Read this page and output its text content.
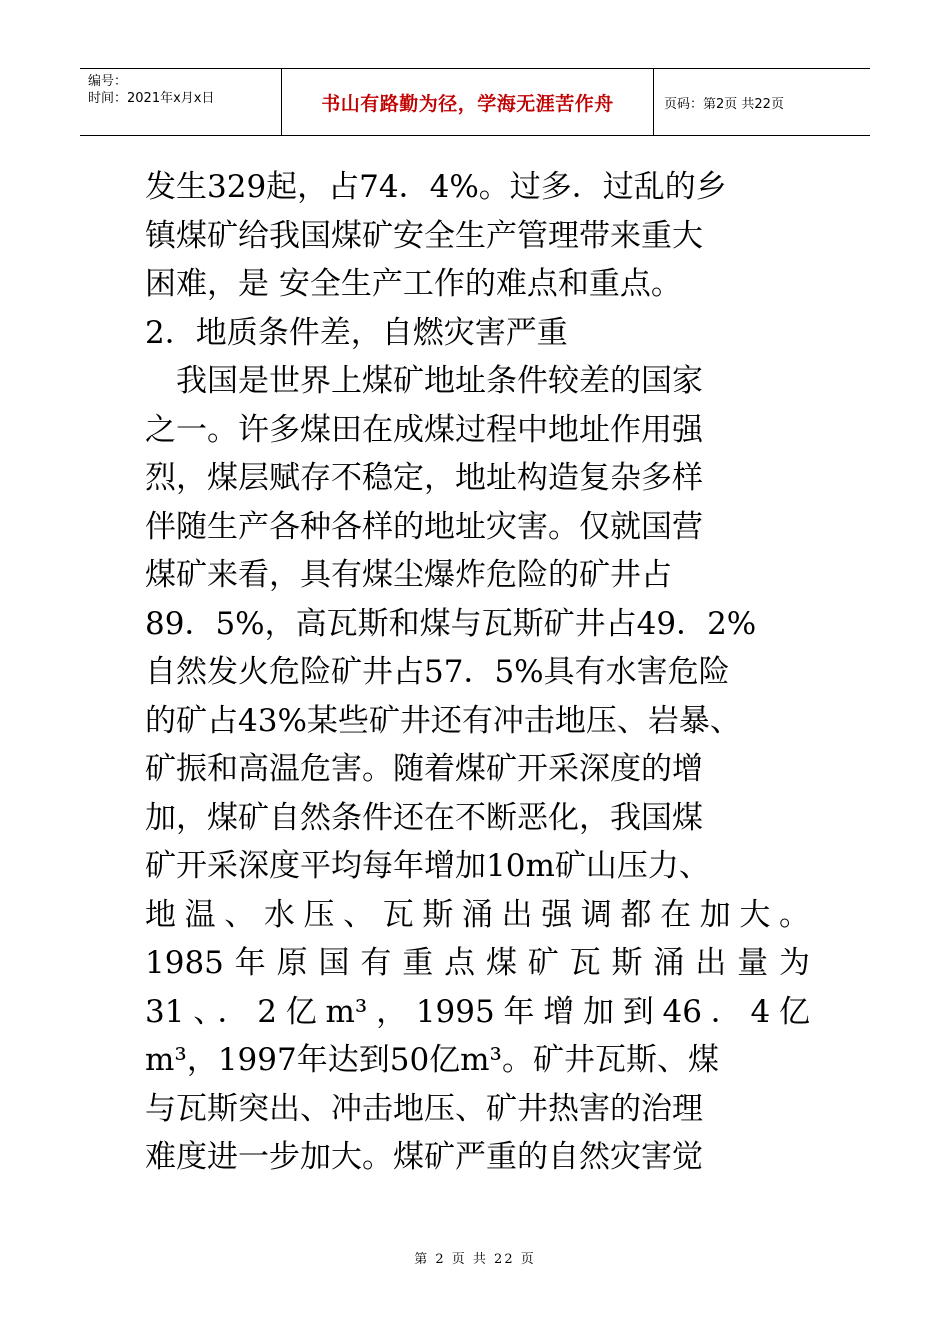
编号：
时间：2021年x月x日	书山有路勤为径，学海无涯苦作舟	页码：第2页 共22页
发生329起，占74．4%。过多．过乱的乡
镇煤矿给我国煤矿安全生产管理带来重大
困难，是 安全生产工作的难点和重点。
2．地质条件差，自燃灾害严重
　我国是世界上煤矿地址条件较差的国家
之一。许多煤田在成煤过程中地址作用强
烈，煤层赋存不稳定，地址构造复杂多样
伴随生产各种各样的地址灾害。仅就国营
煤矿来看，具有煤尘爆炸危险的矿井占
89．5%，高瓦斯和煤与瓦斯矿井占49．2%
自然发火危险矿井占57．5%具有水害危险
的矿占43%某些矿井还有冲击地压、岩暴、
矿振和高温危害。随着煤矿开采深度的增
加，煤矿自然条件还在不断恶化，我国煤
矿开采深度平均每年增加10m矿山压力、
地温、水压、瓦斯涌出强调都在加大。
1985年原国有重点煤矿瓦斯涌出量为
31、．2亿m³，1995年增加到46．4亿
m³，1997年达到50亿m³。矿井瓦斯、煤
与瓦斯突出、冲击地压、矿井热害的治理
难度进一步加大。煤矿严重的自然灾害觉
第 2 页 共 22 页
